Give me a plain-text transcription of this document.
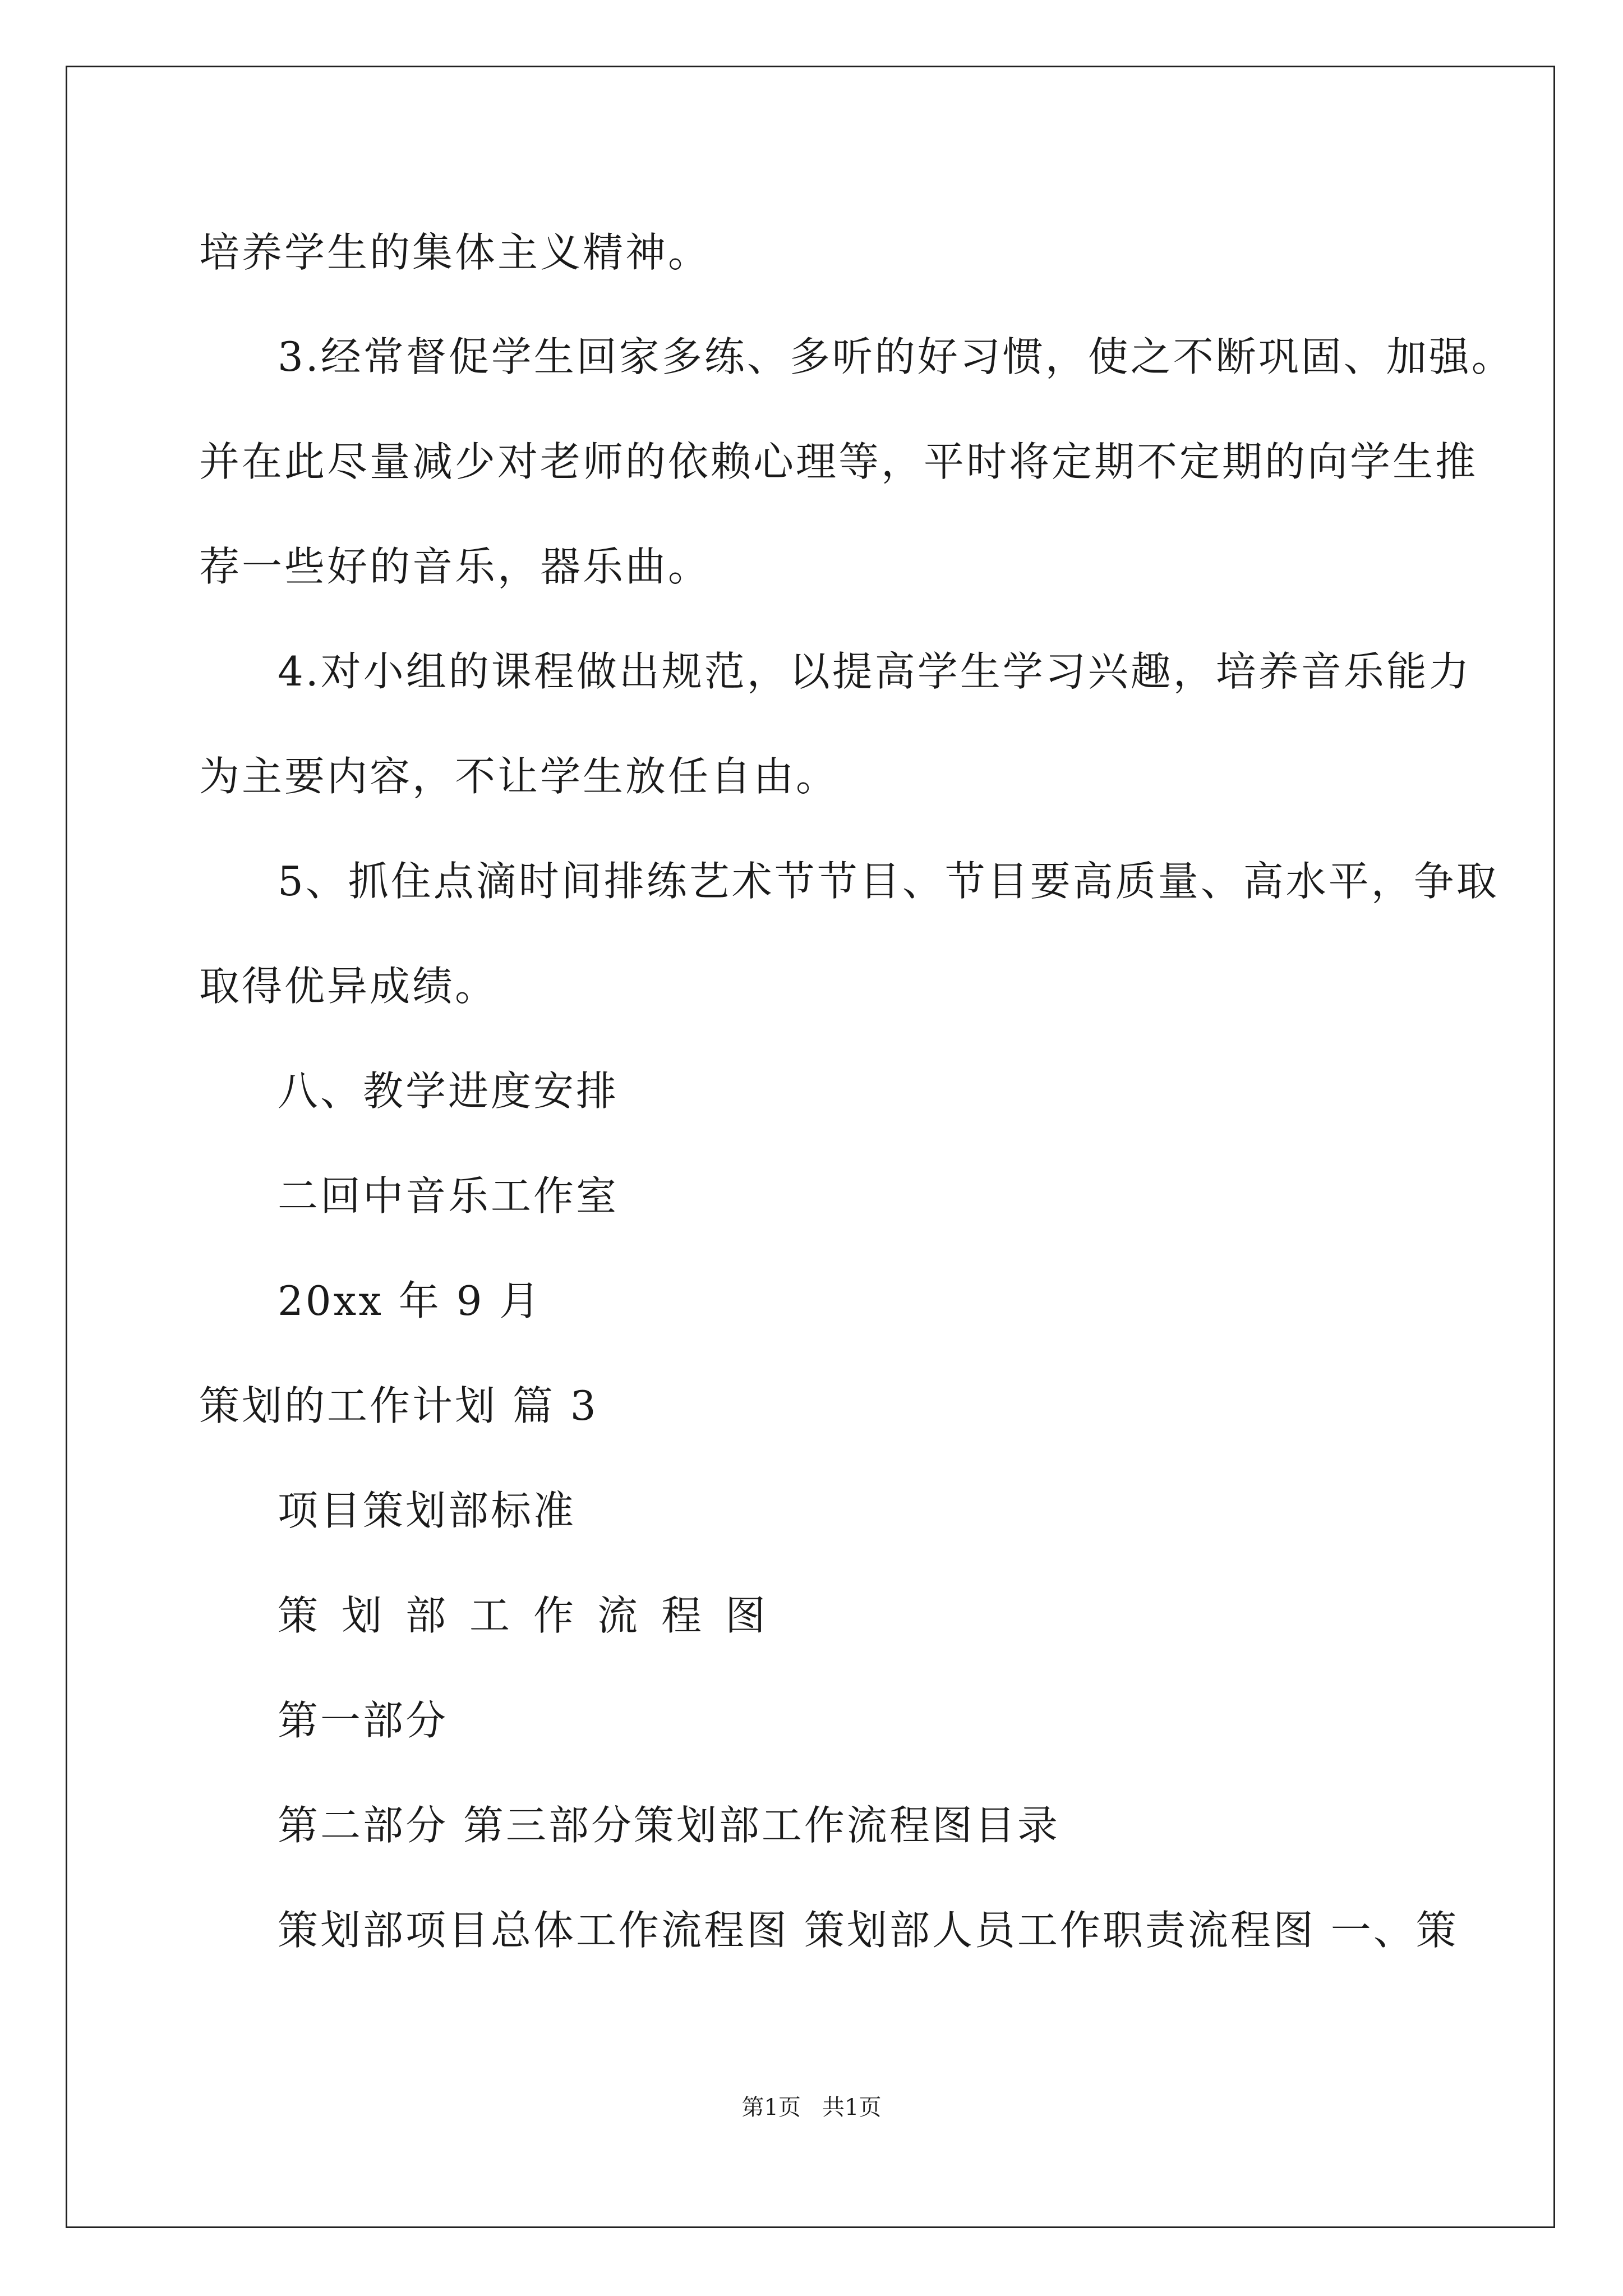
培养学生的集体主义精神。
3.经常督促学生回家多练、多听的好习惯，使之不断巩固、加强。
并在此尽量减少对老师的依赖心理等，平时将定期不定期的向学生推
荐一些好的音乐，器乐曲。
4.对小组的课程做出规范，以提高学生学习兴趣，培养音乐能力
为主要内容，不让学生放任自由。
5、抓住点滴时间排练艺术节节目、节目要高质量、高水平，争取
取得优异成绩。
八、教学进度安排
二回中音乐工作室
20xx 年 9 月
策划的工作计划 篇 3
项目策划部标准
策划部工作流程图
第一部分
第二部分 第三部分策划部工作流程图目录
策划部项目总体工作流程图 策划部人员工作职责流程图 一、策
第1页   共1页
